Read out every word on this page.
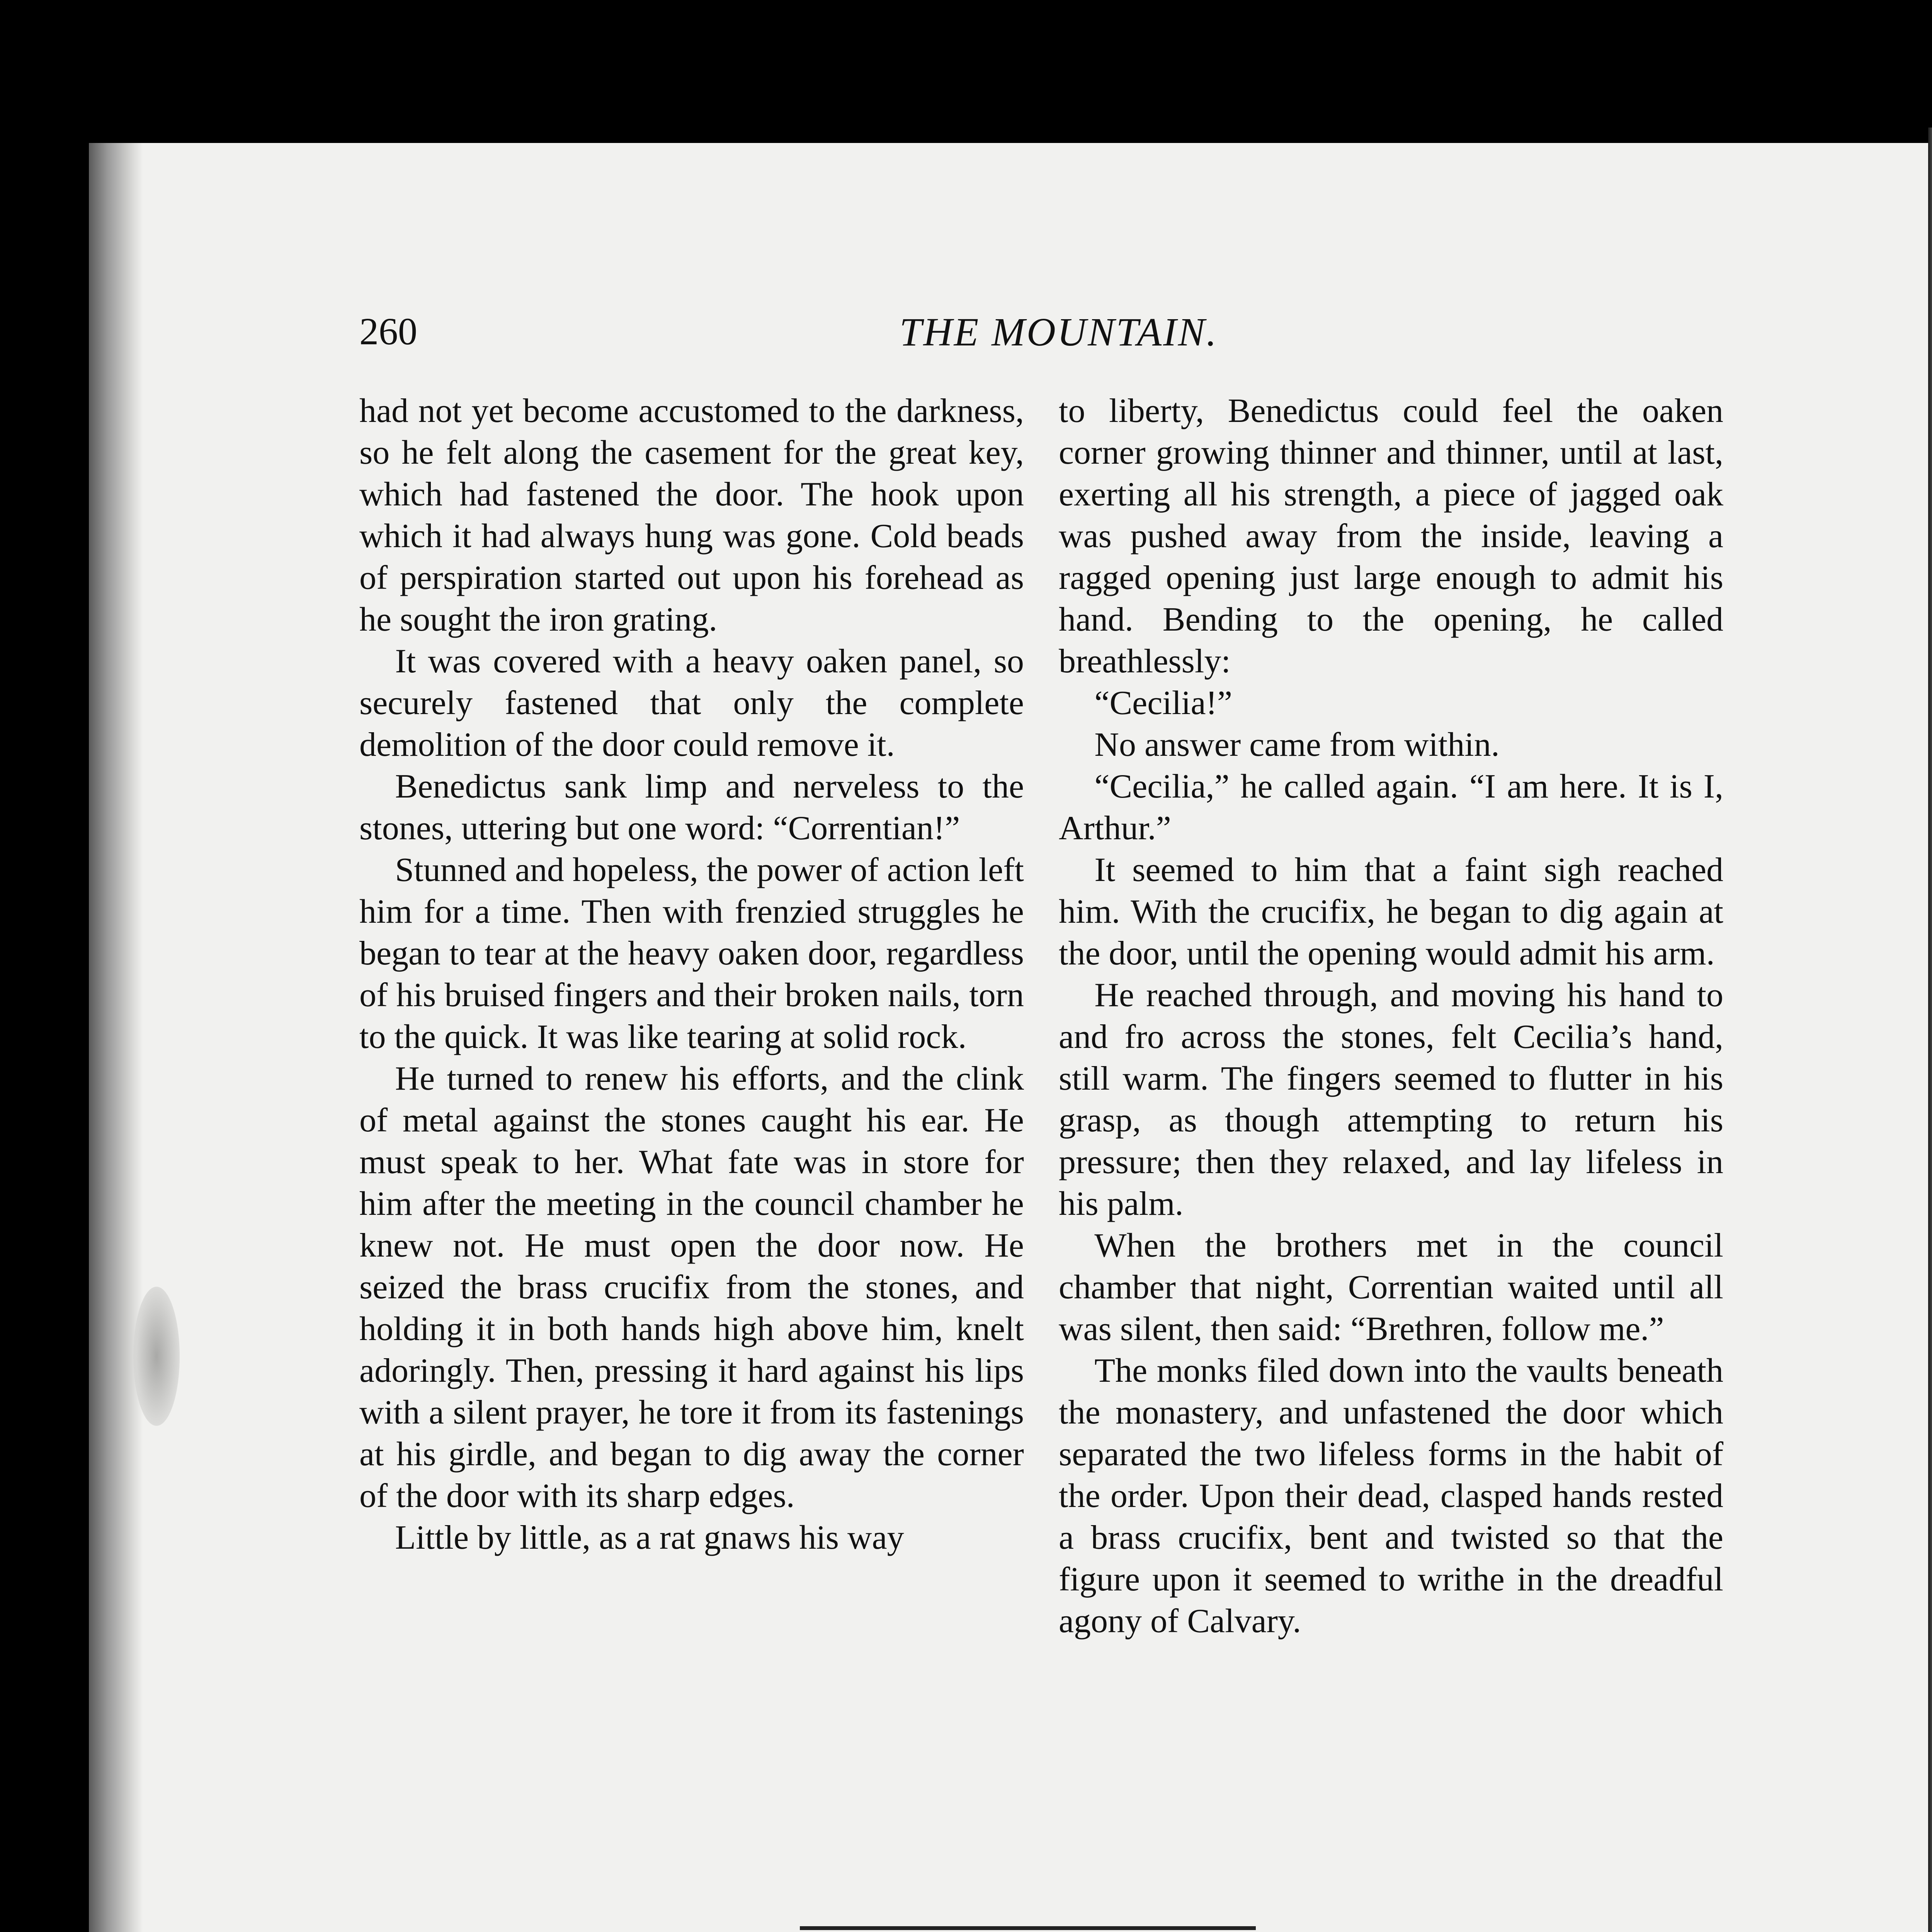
260	THE MOUNTAIN.

had not yet become accustomed to the darkness, so he felt along the casement for the great key, which had fastened the door. The hook upon which it had always hung was gone. Cold beads of perspiration started out upon his forehead as he sought the iron grating.

It was covered with a heavy oaken panel, so securely fastened that only the complete demolition of the door could remove it.

Benedictus sank limp and nerveless to the stones, uttering but one word: “Correntian!”

Stunned and hopeless, the power of action left him for a time. Then with frenzied struggles he began to tear at the heavy oaken door, regardless of his bruised fingers and their broken nails, torn to the quick. It was like tearing at solid rock.

He turned to renew his efforts, and the clink of metal against the stones caught his ear. He must speak to her. What fate was in store for him after the meeting in the council chamber he knew not. He must open the door now. He seized the brass crucifix from the stones, and holding it in both hands high above him, knelt adoringly. Then, pressing it hard against his lips with a silent prayer, he tore it from its fastenings at his girdle, and began to dig away the corner of the door with its sharp edges.

Little by little, as a rat gnaws his way

to liberty, Benedictus could feel the oaken corner growing thinner and thinner, until at last, exerting all his strength, a piece of jagged oak was pushed away from the inside, leaving a ragged opening just large enough to admit his hand. Bending to the opening, he called breathlessly:

“Cecilia!”

No answer came from within.

“Cecilia,” he called again. “I am here. It is I, Arthur.”

It seemed to him that a faint sigh reached him. With the crucifix, he began to dig again at the door, until the opening would admit his arm.

He reached through, and moving his hand to and fro across the stones, felt Cecilia’s hand, still warm. The fingers seemed to flutter in his grasp, as though attempting to return his pressure; then they relaxed, and lay lifeless in his palm.

When the brothers met in the council chamber that night, Correntian waited until all was silent, then said: “Brethren, follow me.”

The monks filed down into the vaults beneath the monastery, and unfastened the door which separated the two lifeless forms in the habit of the order. Upon their dead, clasped hands rested a brass crucifix, bent and twisted so that the figure upon it seemed to writhe in the dreadful agony of Calvary.
